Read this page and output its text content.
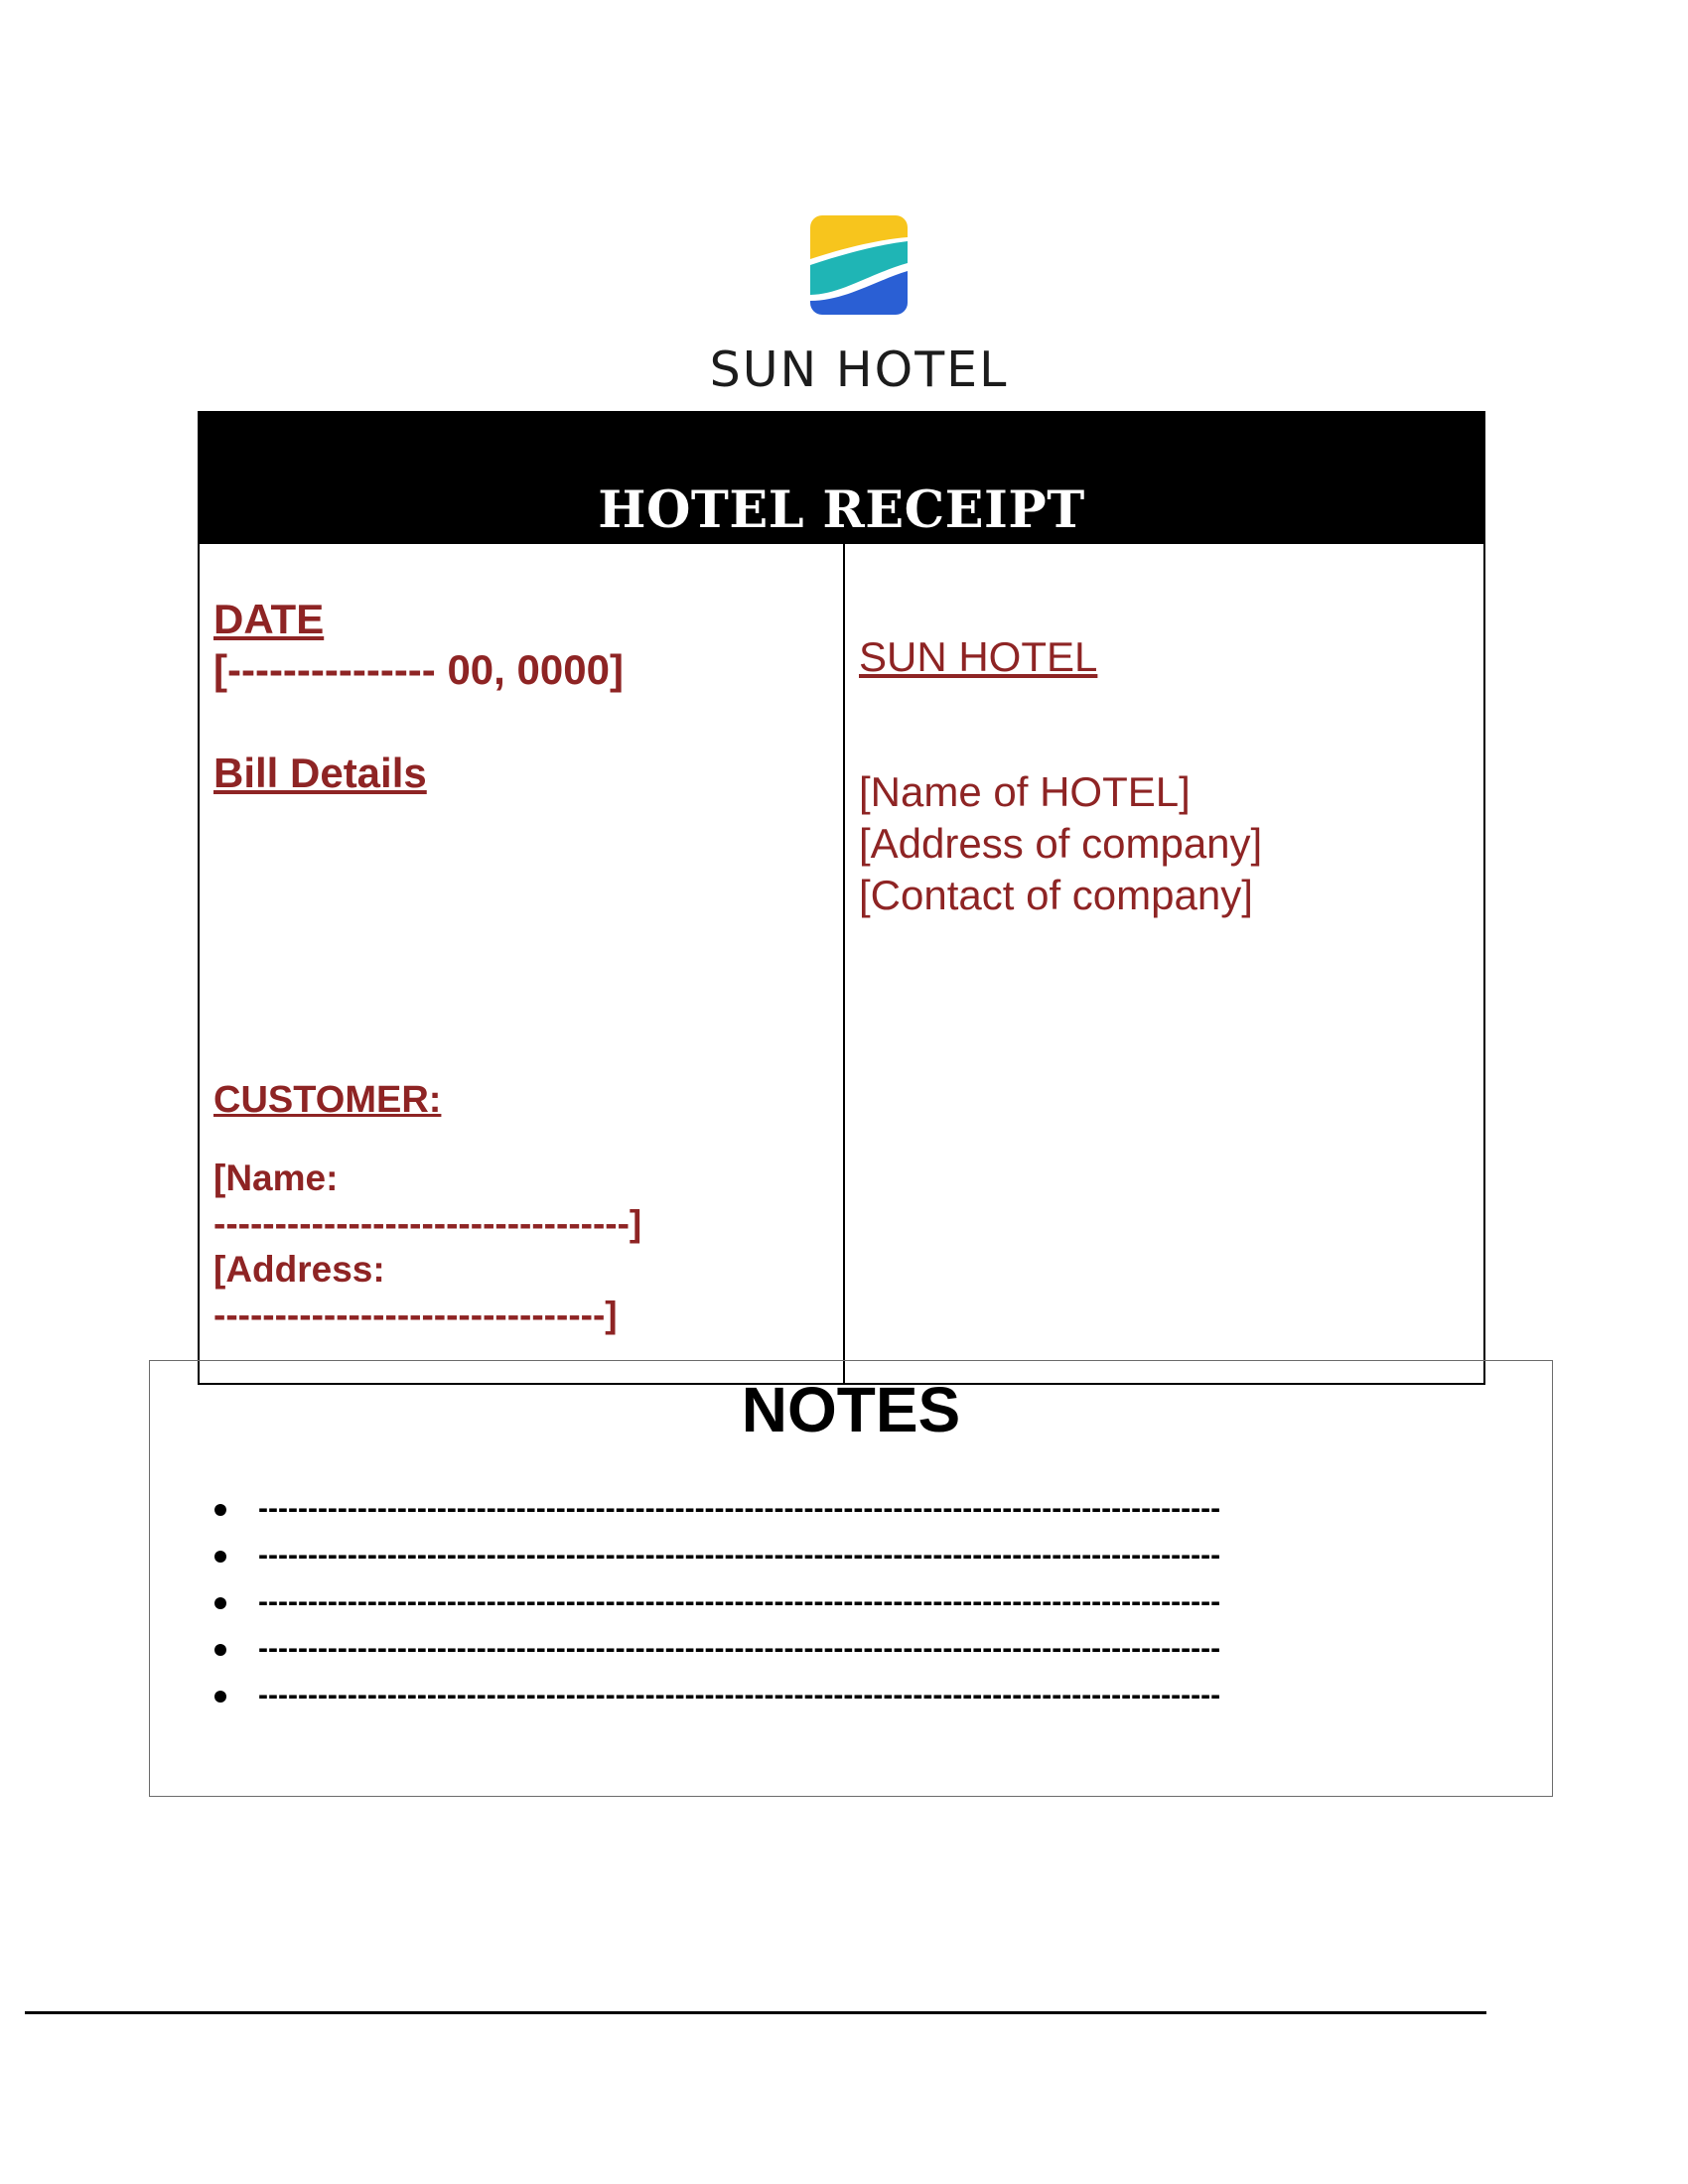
SUN HOTEL
HOTEL RECEIPT
DATE
[--------------- 00, 0000]
Bill Details
CUSTOMER:
[Name:
----------------------------------]
[Address:
--------------------------------]
SUN HOTEL
[Name of HOTEL]
[Address of company]
[Contact of company]
NOTES
-------------------------------------------------------------------------------------------------
-------------------------------------------------------------------------------------------------
-------------------------------------------------------------------------------------------------
-------------------------------------------------------------------------------------------------
-------------------------------------------------------------------------------------------------
